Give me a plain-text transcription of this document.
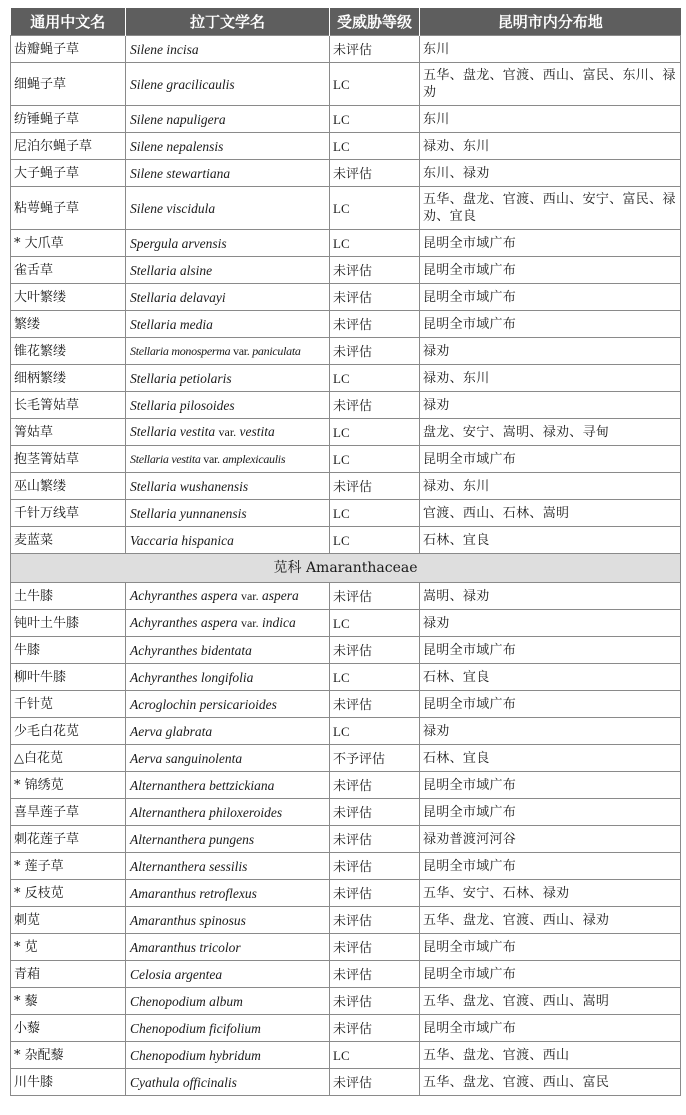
通用中文名	拉丁文学名	受威胁等级	昆明市内分布地
齿瓣蝇子草	Silene incisa	未评估	东川
细蝇子草	Silene gracilicaulis	LC	五华、盘龙、官渡、西山、富民、东川、禄劝
纺锤蝇子草	Silene napuligera	LC	东川
尼泊尔蝇子草	Silene nepalensis	LC	禄劝、东川
大子蝇子草	Silene stewartiana	未评估	东川、禄劝
粘萼蝇子草	Silene viscidula	LC	五华、盘龙、官渡、西山、安宁、富民、禄劝、宜良
* 大爪草	Spergula arvensis	LC	昆明全市域广布
雀舌草	Stellaria alsine	未评估	昆明全市域广布
大叶繁缕	Stellaria delavayi	未评估	昆明全市域广布
繁缕	Stellaria media	未评估	昆明全市域广布
锥花繁缕	Stellaria monosperma var. paniculata	未评估	禄劝
细柄繁缕	Stellaria petiolaris	LC	禄劝、东川
长毛箐姑草	Stellaria pilosoides	未评估	禄劝
箐姑草	Stellaria vestita var. vestita	LC	盘龙、安宁、嵩明、禄劝、寻甸
抱茎箐姑草	Stellaria vestita var. amplexicaulis	LC	昆明全市域广布
巫山繁缕	Stellaria wushanensis	未评估	禄劝、东川
千针万线草	Stellaria yunnanensis	LC	官渡、西山、石林、嵩明
麦蓝菜	Vaccaria hispanica	LC	石林、宜良
苋科 Amaranthaceae			
土牛膝	Achyranthes aspera var. aspera	未评估	嵩明、禄劝
钝叶土牛膝	Achyranthes aspera var. indica	LC	禄劝
牛膝	Achyranthes bidentata	未评估	昆明全市域广布
柳叶牛膝	Achyranthes longifolia	LC	石林、宜良
千针苋	Acroglochin persicarioides	未评估	昆明全市域广布
少毛白花苋	Aerva glabrata	LC	禄劝
△白花苋	Aerva sanguinolenta	不予评估	石林、宜良
* 锦绣苋	Alternanthera bettzickiana	未评估	昆明全市域广布
喜旱莲子草	Alternanthera philoxeroides	未评估	昆明全市域广布
刺花莲子草	Alternanthera pungens	未评估	禄劝普渡河河谷
* 莲子草	Alternanthera sessilis	未评估	昆明全市域广布
* 反枝苋	Amaranthus retroflexus	未评估	五华、安宁、石林、禄劝
刺苋	Amaranthus spinosus	未评估	五华、盘龙、官渡、西山、禄劝
* 苋	Amaranthus tricolor	未评估	昆明全市域广布
青葙	Celosia argentea	未评估	昆明全市域广布
* 藜	Chenopodium album	未评估	五华、盘龙、官渡、西山、嵩明
小藜	Chenopodium ficifolium	未评估	昆明全市域广布
* 杂配藜	Chenopodium hybridum	LC	五华、盘龙、官渡、西山
川牛膝	Cyathula officinalis	未评估	五华、盘龙、官渡、西山、富民
